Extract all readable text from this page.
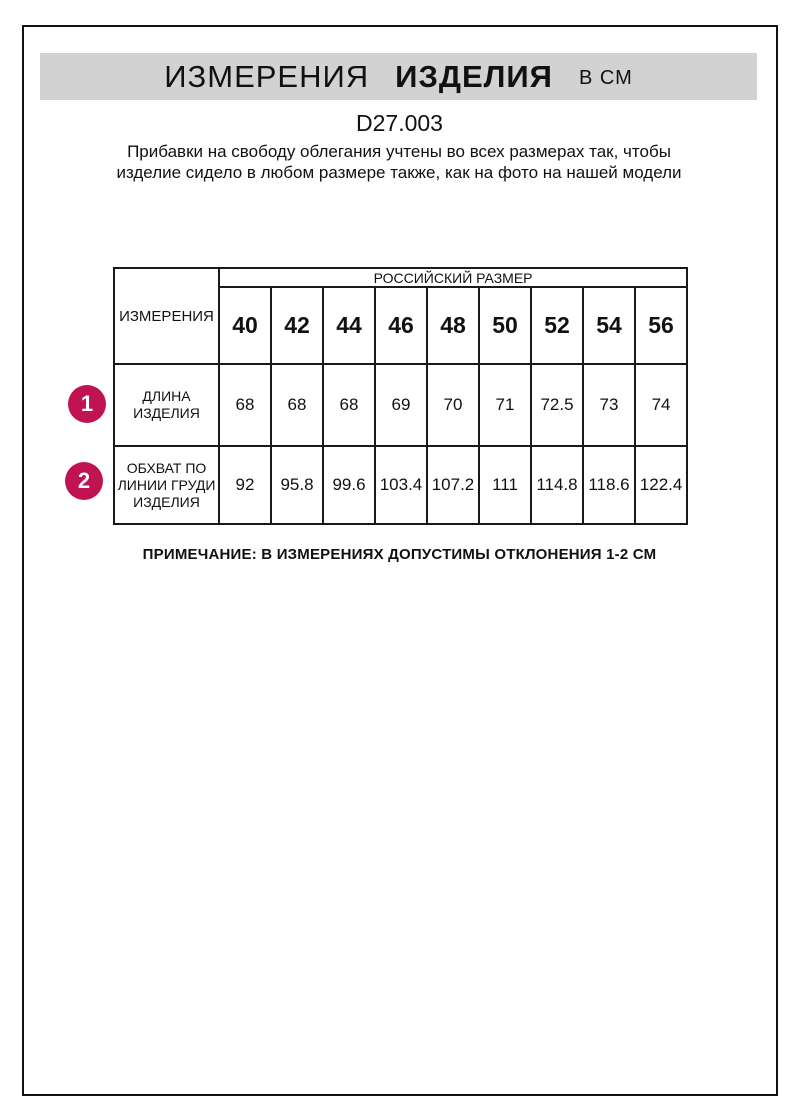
ИЗМЕРЕНИЯ ИЗДЕЛИЯ В СМ
D27.003
Прибавки на свободу облегания учтены во всех размерах так, чтобы изделие сидело в любом размере также, как на фото на нашей модели
ИЗМЕРЕНИЯ	РОССИЙСКИЙ РАЗМЕР								
	40	42	44	46	48	50	52	54	56
ДЛИНА ИЗДЕЛИЯ	68	68	68	69	70	71	72.5	73	74
ОБХВАТ ПО ЛИНИИ ГРУДИ ИЗДЕЛИЯ	92	95.8	99.6	103.4	107.2	111	114.8	118.6	122.4
1
2
ПРИМЕЧАНИЕ: В ИЗМЕРЕНИЯХ ДОПУСТИМЫ ОТКЛОНЕНИЯ 1-2 СМ
